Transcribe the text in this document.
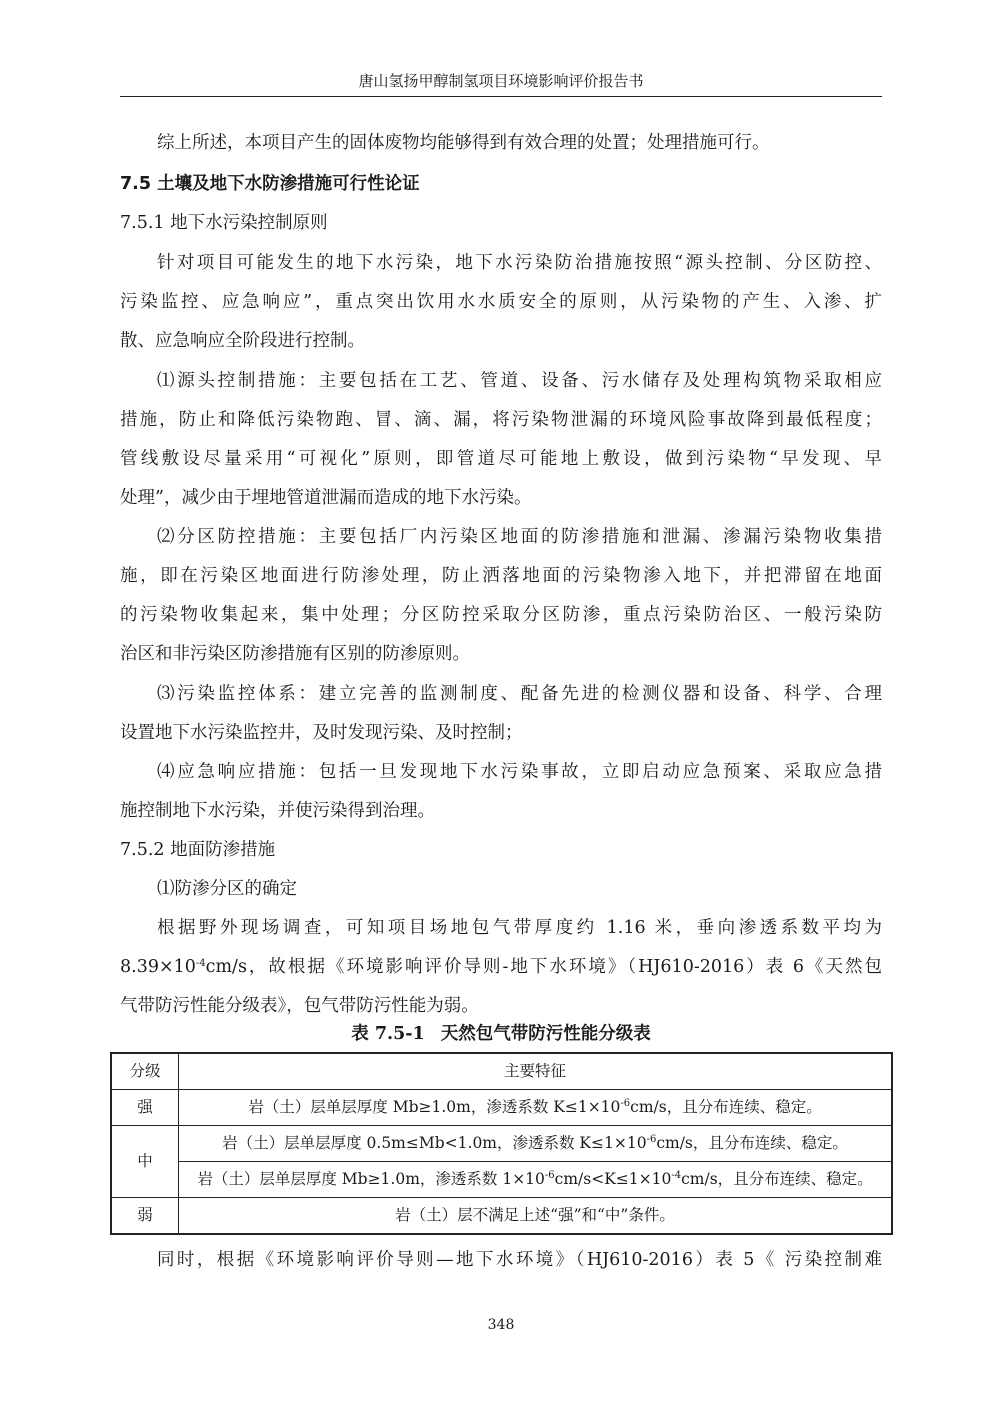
唐山氢扬甲醇制氢项目环境影响评价报告书
综上所述，本项目产生的固体废物均能够得到有效合理的处置；处理措施可行。
7.5 土壤及地下水防渗措施可行性论证
7.5.1 地下水污染控制原则
针对项目可能发生的地下水污染，地下水污染防治措施按照“源头控制、分区防控、
污染监控、应急响应”，重点突出饮用水水质安全的原则，从污染物的产生、入渗、扩
散、应急响应全阶段进行控制。
⑴源头控制措施：主要包括在工艺、管道、设备、污水储存及处理构筑物采取相应
措施，防止和降低污染物跑、冒、滴、漏，将污染物泄漏的环境风险事故降到最低程度；
管线敷设尽量采用“可视化”原则，即管道尽可能地上敷设，做到污染物“早发现、早
处理”，减少由于埋地管道泄漏而造成的地下水污染。
⑵分区防控措施：主要包括厂内污染区地面的防渗措施和泄漏、渗漏污染物收集措
施，即在污染区地面进行防渗处理，防止洒落地面的污染物渗入地下，并把滞留在地面
的污染物收集起来，集中处理；分区防控采取分区防渗，重点污染防治区、一般污染防
治区和非污染区防渗措施有区别的防渗原则。
⑶污染监控体系：建立完善的监测制度、配备先进的检测仪器和设备、科学、合理
设置地下水污染监控井，及时发现污染、及时控制；
⑷应急响应措施：包括一旦发现地下水污染事故，立即启动应急预案、采取应急措
施控制地下水污染，并使污染得到治理。
7.5.2 地面防渗措施
⑴防渗分区的确定
根据野外现场调查，可知项目场地包气带厚度约 1.16 米，垂向渗透系数平均为
$8.39\times 10^{-4}cm/s$，故根据《环境影响评价导则-地下水环境》（HJ610-2016）表 6《天然包
气带防污性能分级表》，包气带防污性能为弱。
表 7.5-1 天然包气带防污性能分级表
分级	主要特征
强	岩（土）层单层厚度 Mb≥1.0m，渗透系数 $K\le 1\times 10^{-6}cm/s$，且分布连续、稳定。
中	岩（土）层单层厚度 0.5m≤Mb<1.0m，渗透系数 $K\le 1\times 10^{-6}cm/s$，且分布连续、稳定。
	岩（土）层单层厚度 Mb≥1.0m，渗透系数 $1\times 10^{-6}cm/s<K\le 1\times 10^{-4}cm/s$，且分布连续、稳定。
弱	岩（土）层不满足上述“强”和“中”条件。
同时，根据《环境影响评价导则—地下水环境》（HJ610-2016）表 5《 污染控制难
348
